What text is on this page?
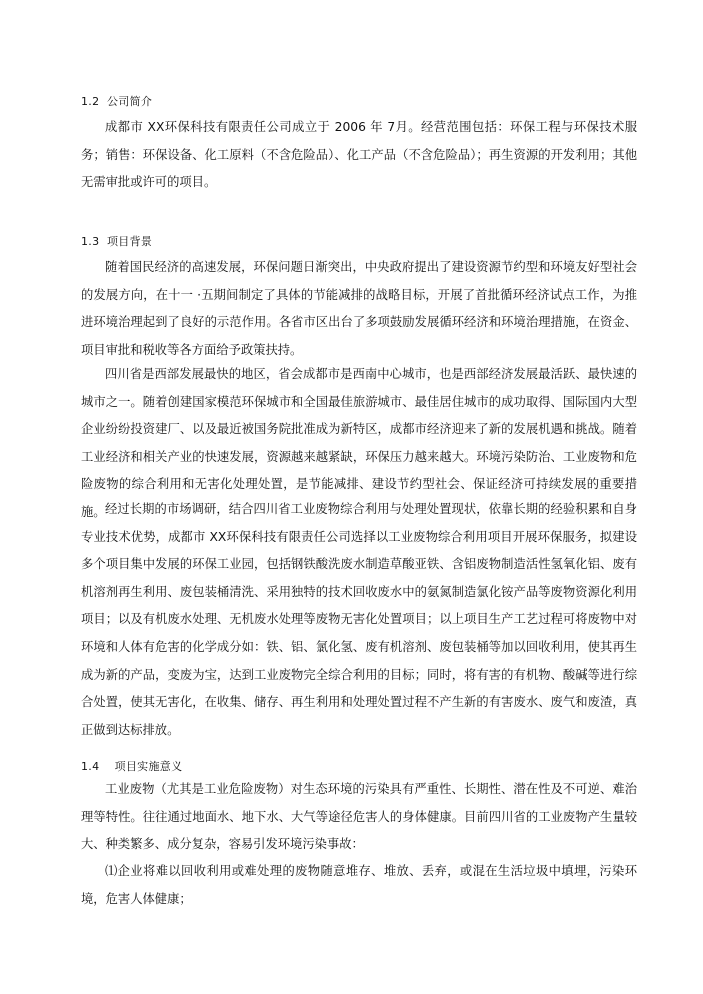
1.2  公司简介

成都市 XX环保科技有限责任公司成立于 2006 年 7月。经营范围包括：环保工程与环保技术服务；销售：环保设备、化工原料（不含危险品）、化工产品（不含危险品）；再生资源的开发利用；其他无需审批或许可的项目。

1.3  项目背景

随着国民经济的高速发展，环保问题日渐突出，中央政府提出了建设资源节约型和环境友好型社会的发展方向，在十一 ·五期间制定了具体的节能减排的战略目标，开展了首批循环经济试点工作，为推进环境治理起到了良好的示范作用。各省市区出台了多项鼓励发展循环经济和环境治理措施，在资金、项目审批和税收等各方面给予政策扶持。

四川省是西部发展最快的地区，省会成都市是西南中心城市，也是西部经济发展最活跃、最快速的城市之一。随着创建国家模范环保城市和全国最佳旅游城市、最佳居住城市的成功取得、国际国内大型企业纷纷投资建厂、以及最近被国务院批准成为新特区，成都市经济迎来了新的发展机遇和挑战。随着工业经济和相关产业的快速发展，资源越来越紧缺，环保压力越来越大。环境污染防治、工业废物和危险废物的综合利用和无害化处理处置，是节能减排、建设节约型社会、保证经济可持续发展的重要措施。 经过长期的市场调研，结合四川省工业废物综合利用与处理处置现状，依靠长期的经验积累和自身专业技术优势，成都市 XX环保科技有限责任公司选择以工业废物综合利用项目开展环保服务，拟建设多个项目集中发展的环保工业园，包括钢铁酸洗废水制造草酸亚铁、含铝废物制造活性氢氧化铝、废有机溶剂再生利用、废包装桶清洗、采用独特的技术回收废水中的氨氮制造氯化铵产品等废物资源化利用项目；以及有机废水处理、无机废水处理等废物无害化处置项目；以上项目生产工艺过程可将废物中对环境和人体有危害的化学成分如：铁、铝、氯化氢、废有机溶剂、废包装桶等加以回收利用，使其再生成为新的产品，变废为宝，达到工业废物完全综合利用的目标；同时，将有害的有机物、酸碱等进行综合处置，使其无害化，在收集、储存、再生利用和处理处置过程不产生新的有害废水、废气和废渣，真正做到达标排放。

1.4    项目实施意义

工业废物（尤其是工业危险废物）对生态环境的污染具有严重性、长期性、潜在性及不可逆、难治理等特性。往往通过地面水、地下水、大气等途径危害人的身体健康。目前四川省的工业废物产生量较大、种类繁多、成分复杂，容易引发环境污染事故：

⑴企业将难以回收利用或难处理的废物随意堆存、堆放、丢弃，或混在生活垃圾中填埋，污染环境，危害人体健康；
